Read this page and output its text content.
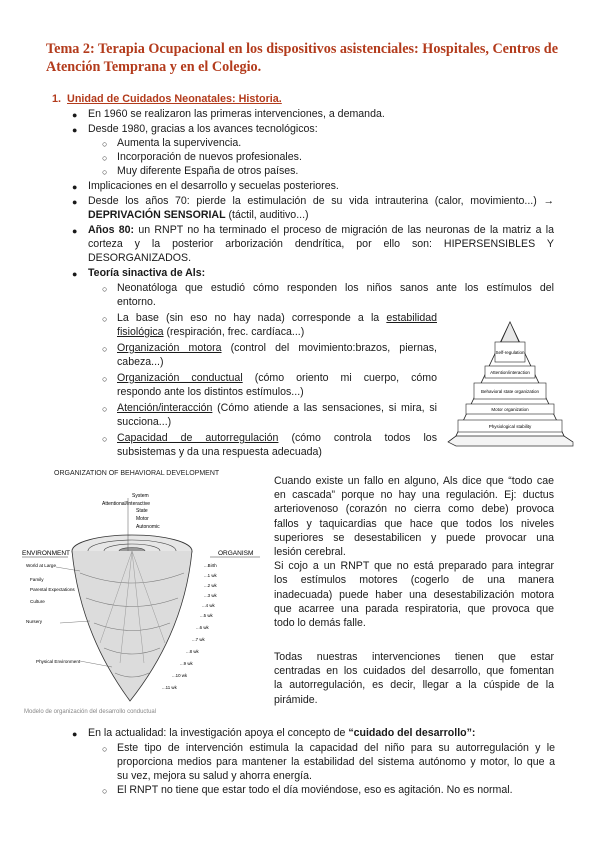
Tema 2: Terapia Ocupacional en los dispositivos asistenciales: Hospitales, Centros de Atención Temprana y en el Colegio.
1. Unidad de Cuidados Neonatales: Historia.
● En 1960 se realizaron las primeras intervenciones, a demanda.
● Desde 1980, gracias a los avances tecnológicos:
○ Aumenta la supervivencia.
○ Incorporación de nuevos profesionales.
○ Muy diferente España de otros países.
● Implicaciones en el desarrollo y secuelas posteriores.
● Desde los años 70: pierde la estimulación de su vida intrauterina (calor, movimiento...) →
DEPRIVACIÓN SENSORIAL (táctil, auditivo...)
● Años 80: un RNPT no ha terminado el proceso de migración de las neuronas de la matriz a la
corteza y la posterior arborización dendrítica, por ello son: HIPERSENSIBLES Y
DESORGANIZADOS.
● Teoría sinactiva de Als:
○ Neonatóloga que estudió cómo responden los niños sanos ante los estímulos del
entorno.
○ La base (sin eso no hay nada) corresponde a la estabilidad
fisiológica (respiración, frec. cardíaca...)
○ Organización motora (control del movimiento:brazos, piernas,
cabeza...)
○ Organización conductual (cómo oriento mi cuerpo, cómo
respondo ante los distintos estímulos...)
○ Atención/interacción (Cómo atiende a las sensaciones, si mira, si
succiona...)
○ Capacidad de autorregulación (cómo controla todos los
subsistemas y da una respuesta adecuada)
Self-regulation
Attention/interaction
Behavioral state organization
Motor organization
Physiological stability
ORGANIZATION OF BEHAVIORAL DEVELOPMENT
System
Attentional/Interactive
State
Motor
Autonomic
ENVIRONMENT
World at Large
Family
Parental Expectations
Culture
Nursery
Physical Environment
ORGANISM
...Birth
...1 wk
...2 wk
...3 wk
...4 wk
...5 wk
...6 wk
...7 wk
...8 wk
...9 wk
...10 wk
...11 wk
Modelo de organización del desarrollo conductual
Cuando existe un fallo en alguno, Als dice que “todo cae
en cascada” porque no hay una regulación. Ej: ductus
arteriovenoso (corazón no cierra como debe) provoca
fallos y taquicardias que hace que todos los niveles
superiores se desestabilicen y puede provocar una
lesión cerebral.
Si cojo a un RNPT que no está preparado para integrar
los estímulos motores (cogerlo de una manera
inadecuada) puede haber una desestabilización motora
que acarree una parada respiratoria, que provoca que
todo lo demás falle.
Todas nuestras intervenciones tienen que estar
centradas en los cuidados del desarrollo, que fomentan
la autorregulación, es decir, llegar a la cúspide de la
pirámide.
● En la actualidad: la investigación apoya el concepto de “cuidado del desarrollo”:
○ Este tipo de intervención estimula la capacidad del niño para su autorregulación y le
proporciona medios para mantener la estabilidad del sistema autónomo y motor, lo que a
su vez, mejora su salud y ahorra energía.
○ El RNPT no tiene que estar todo el día moviéndose, eso es agitación. No es normal.
